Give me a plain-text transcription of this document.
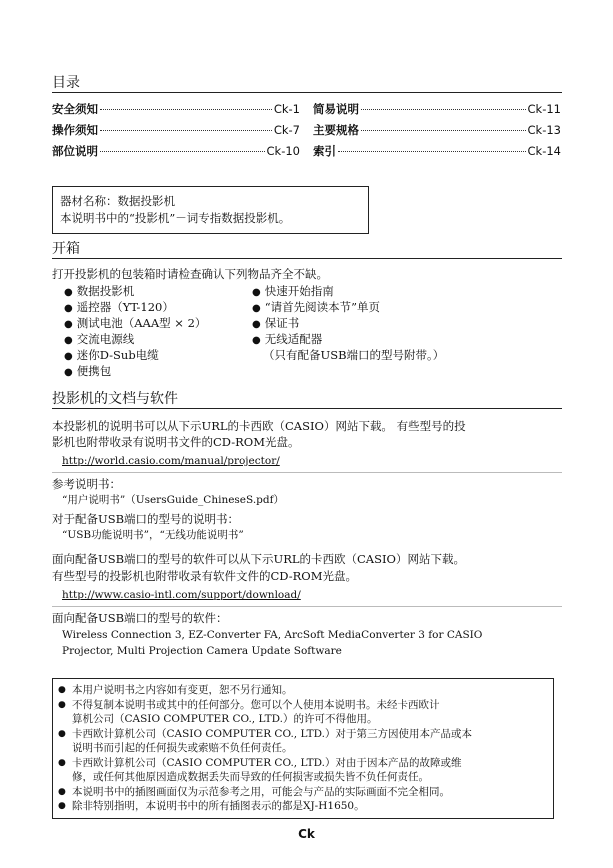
目录
安全须知	Ck-1
操作须知	Ck-7
部位说明	Ck-10
简易说明	Ck-11
主要规格	Ck-13
索引	Ck-14
器材名称：数据投影机
本说明书中的“投影机”－词专指数据投影机。
开箱
打开投影机的包装箱时请检查确认下列物品齐全不缺。
● 数据投影机
● 遥控器（YT-120）
● 测试电池（AAA型 × 2）
● 交流电源线
● 迷你D-Sub电缆
● 便携包
● 快速开始指南
● “请首先阅读本节”单页
● 保证书
● 无线适配器
（只有配备USB端口的型号附带。）
投影机的文档与软件
本投影机的说明书可以从下示URL的卡西欧（CASIO）网站下载。 有些型号的投
影机也附带收录有说明书文件的CD-ROM光盘。
http://world.casio.com/manual/projector/
参考说明书：
“用户说明书”（UsersGuide_ChineseS.pdf）
对于配备USB端口的型号的说明书：
“USB功能说明书”，“无线功能说明书”
面向配备USB端口的型号的软件可以从下示URL的卡西欧（CASIO）网站下载。
有些型号的投影机也附带收录有软件文件的CD-ROM光盘。
http://www.casio-intl.com/support/download/
面向配备USB端口的型号的软件：
Wireless Connection 3, EZ-Converter FA, ArcSoft MediaConverter 3 for CASIO
Projector, Multi Projection Camera Update Software
● 本用户说明书之内容如有变更，恕不另行通知。
● 不得复制本说明书或其中的任何部分。您可以个人使用本说明书。未经卡西欧计
算机公司（CASIO COMPUTER CO., LTD.）的许可不得他用。
● 卡西欧计算机公司（CASIO COMPUTER CO., LTD.）对于第三方因使用本产品或本
说明书而引起的任何损失或索赔不负任何责任。
● 卡西欧计算机公司（CASIO COMPUTER CO., LTD.）对由于因本产品的故障或维
修，或任何其他原因造成数据丢失而导致的任何损害或损失皆不负任何责任。
● 本说明书中的插图画面仅为示范参考之用，可能会与产品的实际画面不完全相同。
● 除非特别指明，本说明书中的所有插图表示的都是XJ-H1650。
Ck
